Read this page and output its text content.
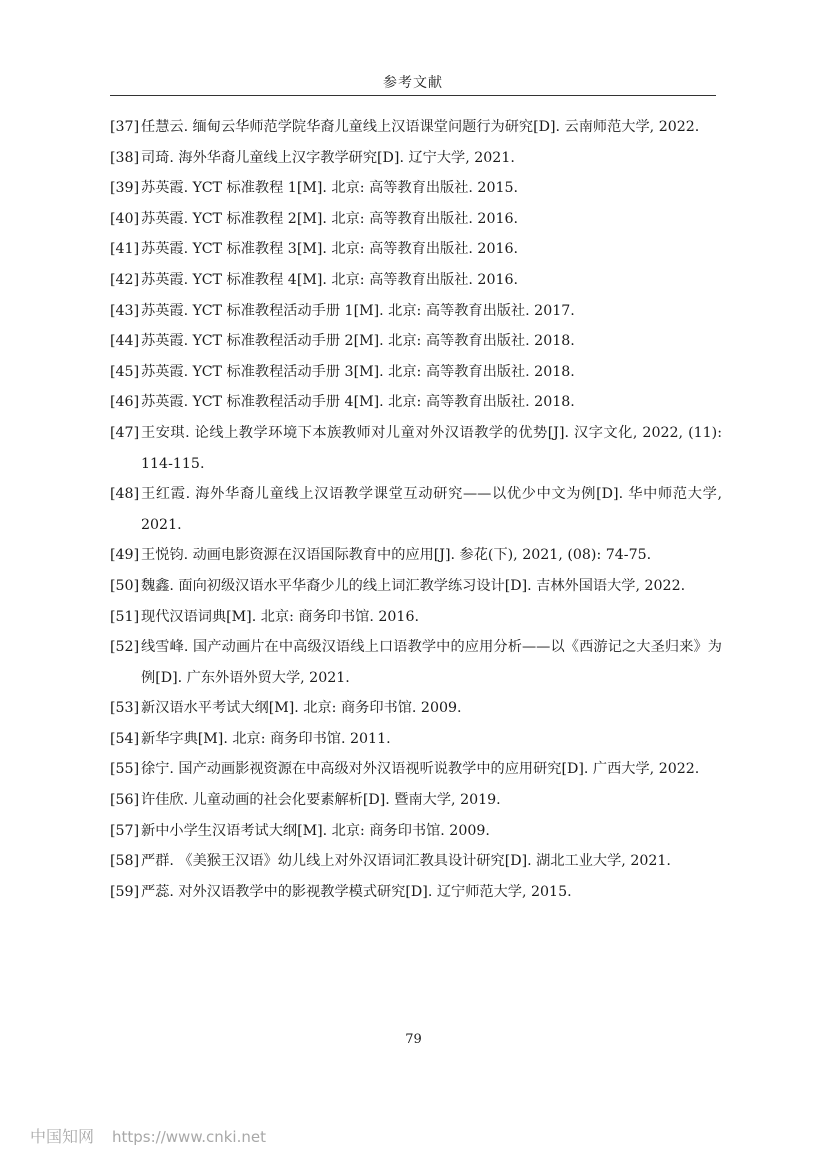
参考文献
[37] 任慧云. 缅甸云华师范学院华裔儿童线上汉语课堂问题行为研究[D]. 云南师范大学, 2022.
[38] 司琦. 海外华裔儿童线上汉字教学研究[D]. 辽宁大学, 2021.
[39] 苏英霞. YCT 标准教程 1[M]. 北京: 高等教育出版社. 2015.
[40] 苏英霞. YCT 标准教程 2[M]. 北京: 高等教育出版社. 2016.
[41] 苏英霞. YCT 标准教程 3[M]. 北京: 高等教育出版社. 2016.
[42] 苏英霞. YCT 标准教程 4[M]. 北京: 高等教育出版社. 2016.
[43] 苏英霞. YCT 标准教程活动手册 1[M]. 北京: 高等教育出版社. 2017.
[44] 苏英霞. YCT 标准教程活动手册 2[M]. 北京: 高等教育出版社. 2018.
[45] 苏英霞. YCT 标准教程活动手册 3[M]. 北京: 高等教育出版社. 2018.
[46] 苏英霞. YCT 标准教程活动手册 4[M]. 北京: 高等教育出版社. 2018.
[47] 王安琪. 论线上教学环境下本族教师对儿童对外汉语教学的优势[J]. 汉字文化, 2022, (11): 114-115.
[48] 王红霞. 海外华裔儿童线上汉语教学课堂互动研究——以优少中文为例[D]. 华中师范大学, 2021.
[49] 王悦钧. 动画电影资源在汉语国际教育中的应用[J]. 参花(下), 2021, (08): 74-75.
[50] 魏鑫. 面向初级汉语水平华裔少儿的线上词汇教学练习设计[D]. 吉林外国语大学, 2022.
[51] 现代汉语词典[M]. 北京: 商务印书馆. 2016.
[52] 线雪峰. 国产动画片在中高级汉语线上口语教学中的应用分析——以《西游记之大圣归来》为例[D]. 广东外语外贸大学, 2021.
[53] 新汉语水平考试大纲[M]. 北京: 商务印书馆. 2009.
[54] 新华字典[M]. 北京: 商务印书馆. 2011.
[55] 徐宁. 国产动画影视资源在中高级对外汉语视听说教学中的应用研究[D]. 广西大学, 2022.
[56] 许佳欣. 儿童动画的社会化要素解析[D]. 暨南大学, 2019.
[57] 新中小学生汉语考试大纲[M]. 北京: 商务印书馆. 2009.
[58] 严群. 《美猴王汉语》幼儿线上对外汉语词汇教具设计研究[D]. 湖北工业大学, 2021.
[59] 严蕊. 对外汉语教学中的影视教学模式研究[D]. 辽宁师范大学, 2015.
79
中国知网 https://www.cnki.net
